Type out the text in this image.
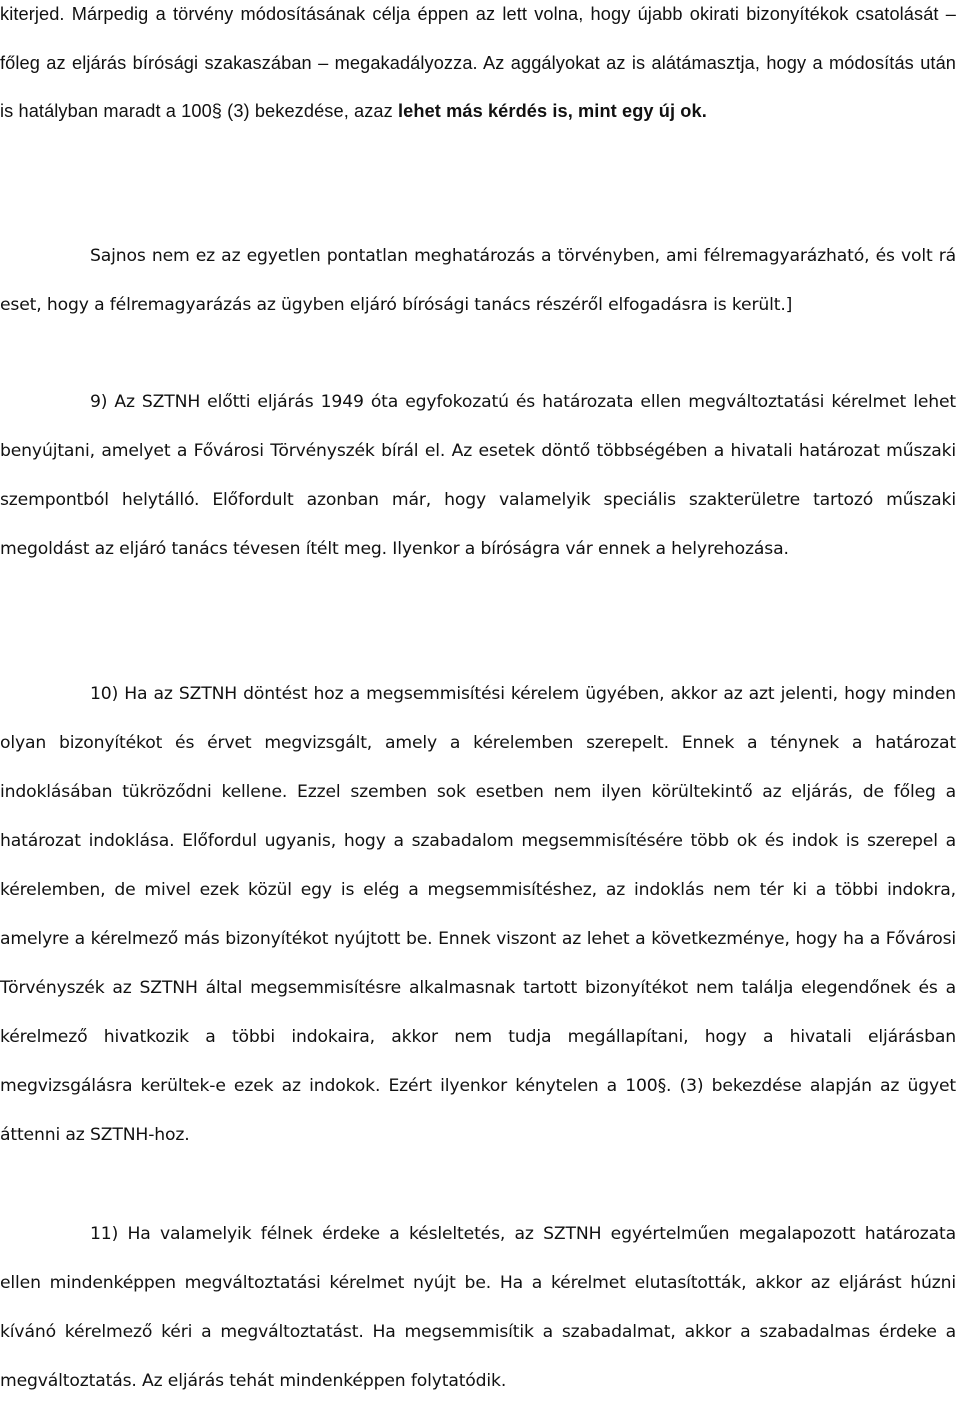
kiterjed. Márpedig a törvény módosításának célja éppen az lett volna, hogy újabb okirati bizonyítékok csatolását – főleg az eljárás bírósági szakaszában – megakadályozza. Az aggályokat az is alátámasztja, hogy a módosítás után is hatályban maradt a 100§ (3) bekezdése, azaz lehet más kérdés is, mint egy új ok.

Sajnos nem ez az egyetlen pontatlan meghatározás a törvényben, ami félremagyarázható, és volt rá eset, hogy a félremagyarázás az ügyben eljáró bírósági tanács részéről elfogadásra is került.]

9) Az SZTNH előtti eljárás 1949 óta egyfokozatú és határozata ellen megváltoztatási kérelmet lehet benyújtani, amelyet a Fővárosi Törvényszék bírál el. Az esetek döntő többségében a hivatali határozat műszaki szempontból helytálló. Előfordult azonban már, hogy valamelyik speciális szakterületre tartozó műszaki megoldást az eljáró tanács tévesen ítélt meg. Ilyenkor a bíróságra vár ennek a helyrehozása.

10) Ha az SZTNH döntést hoz a megsemmisítési kérelem ügyében, akkor az azt jelenti, hogy minden olyan bizonyítékot és érvet megvizsgált, amely a kérelemben szerepelt. Ennek a ténynek a határozat indoklásában tükröződni kellene. Ezzel szemben sok esetben nem ilyen körültekintő az eljárás, de főleg a határozat indoklása. Előfordul ugyanis, hogy a szabadalom megsemmisítésére több ok és indok is szerepel a kérelemben, de mivel ezek közül egy is elég a megsemmisítéshez, az indoklás nem tér ki a többi indokra, amelyre a kérelmező más bizonyítékot nyújtott be. Ennek viszont az lehet a következménye, hogy ha a Fővárosi Törvényszék az SZTNH által megsemmisítésre alkalmasnak tartott bizonyítékot nem találja elegendőnek és a kérelmező hivatkozik a többi indokaira, akkor nem tudja megállapítani, hogy a hivatali eljárásban megvizsgálásra kerültek-e ezek az indokok. Ezért ilyenkor kénytelen a 100§. (3) bekezdése alapján az ügyet áttenni az SZTNH-hoz.

11) Ha valamelyik félnek érdeke a késleltetés, az SZTNH egyértelműen megalapozott határozata ellen mindenképpen megváltoztatási kérelmet nyújt be. Ha a kérelmet elutasították, akkor az eljárást húzni kívánó kérelmező kéri a megváltoztatást. Ha megsemmisítik a szabadalmat, akkor a szabadalmas érdeke a megváltoztatás. Az eljárás tehát mindenképpen folytatódik.
